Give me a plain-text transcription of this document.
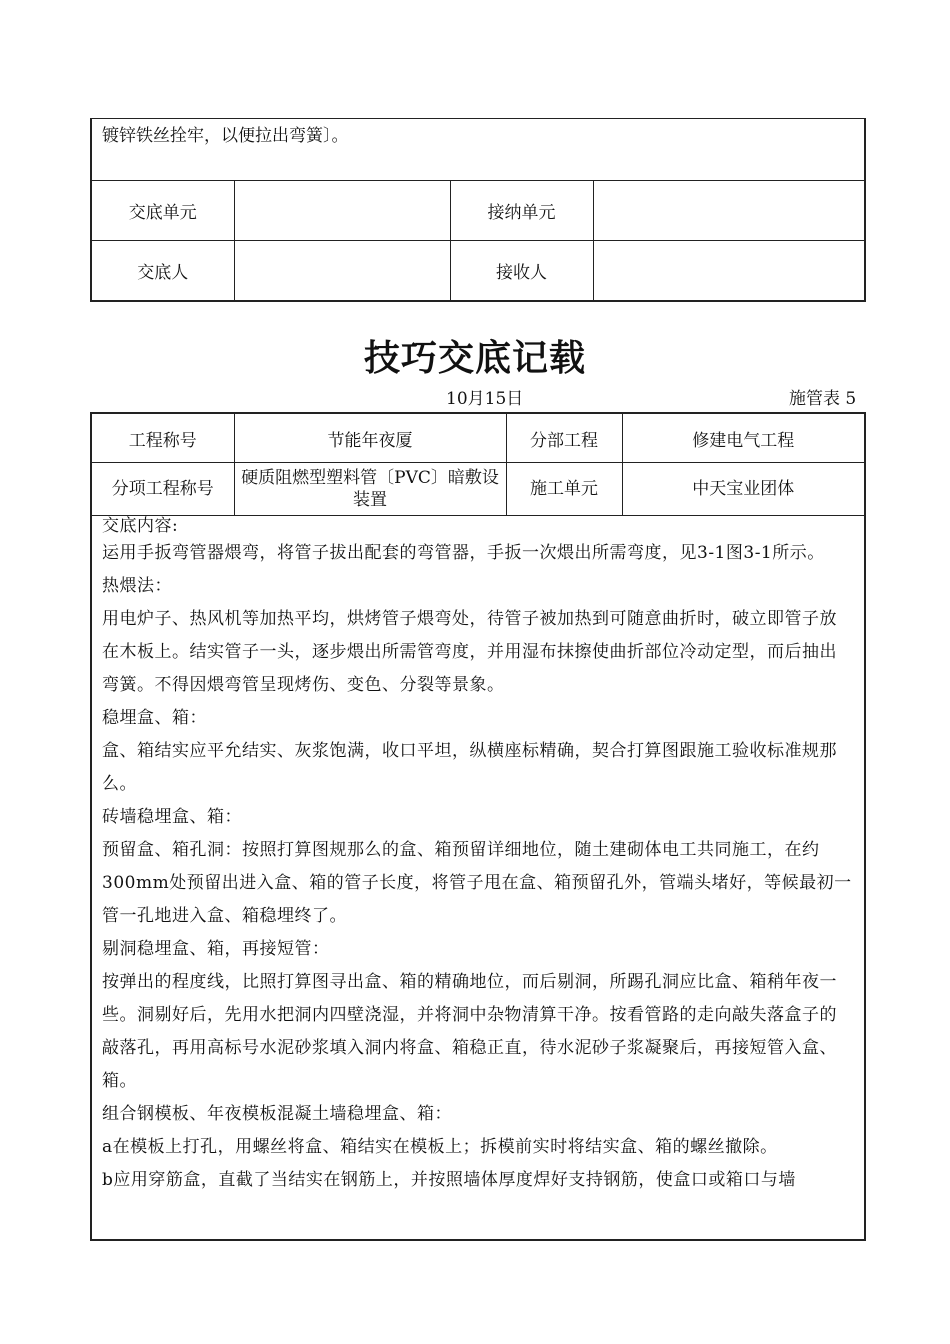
镀锌铁丝拴牢，以便拉出弯簧〕。			
交底单元		接纳单元	
交底人		接收人	
技巧交底记载
10月15日	施管表 5
工程称号	节能年夜厦	分部工程	修建电气工程
分项工程称号	硬质阻燃型塑料管〔PVC〕暗敷设装置	施工单元	中天宝业团体

交底内容:

运用手扳弯管器煨弯，将管子拔出配套的弯管器，手扳一次煨出所需弯度，见3-1图3-1所示。

热煨法：

用电炉子、热风机等加热平均，烘烤管子煨弯处，待管子被加热到可随意曲折时，破立即管子放在木板上。结实管子一头，逐步煨出所需管弯度，并用湿布抹擦使曲折部位冷动定型，而后抽出弯簧。不得因煨弯管呈现烤伤、变色、分裂等景象。

稳埋盒、箱：

盒、箱结实应平允结实、灰浆饱满，收口平坦，纵横座标精确，契合打算图跟施工验收标准规那么。

砖墙稳埋盒、箱：

预留盒、箱孔洞：按照打算图规那么的盒、箱预留详细地位，随土建砌体电工共同施工，在约300mm处预留出进入盒、箱的管子长度，将管子甩在盒、箱预留孔外，管端头堵好，等候最初一管一孔地进入盒、箱稳埋终了。

剔洞稳埋盒、箱，再接短管：

按弹出的程度线，比照打算图寻出盒、箱的精确地位，而后剔洞，所踢孔洞应比盒、箱稍年夜一些。洞剔好后，先用水把洞内四壁浇湿，并将洞中杂物清算干净。按看管路的走向敲失落盒子的敲落孔，再用高标号水泥砂浆填入洞内将盒、箱稳正直，待水泥砂子浆凝聚后，再接短管入盒、箱。

组合钢模板、年夜模板混凝土墙稳埋盒、箱：

a在模板上打孔，用螺丝将盒、箱结实在模板上；拆模前实时将结实盒、箱的螺丝撤除。

b应用穿筋盒，直截了当结实在钢筋上，并按照墙体厚度焊好支持钢筋，使盒口或箱口与墙
